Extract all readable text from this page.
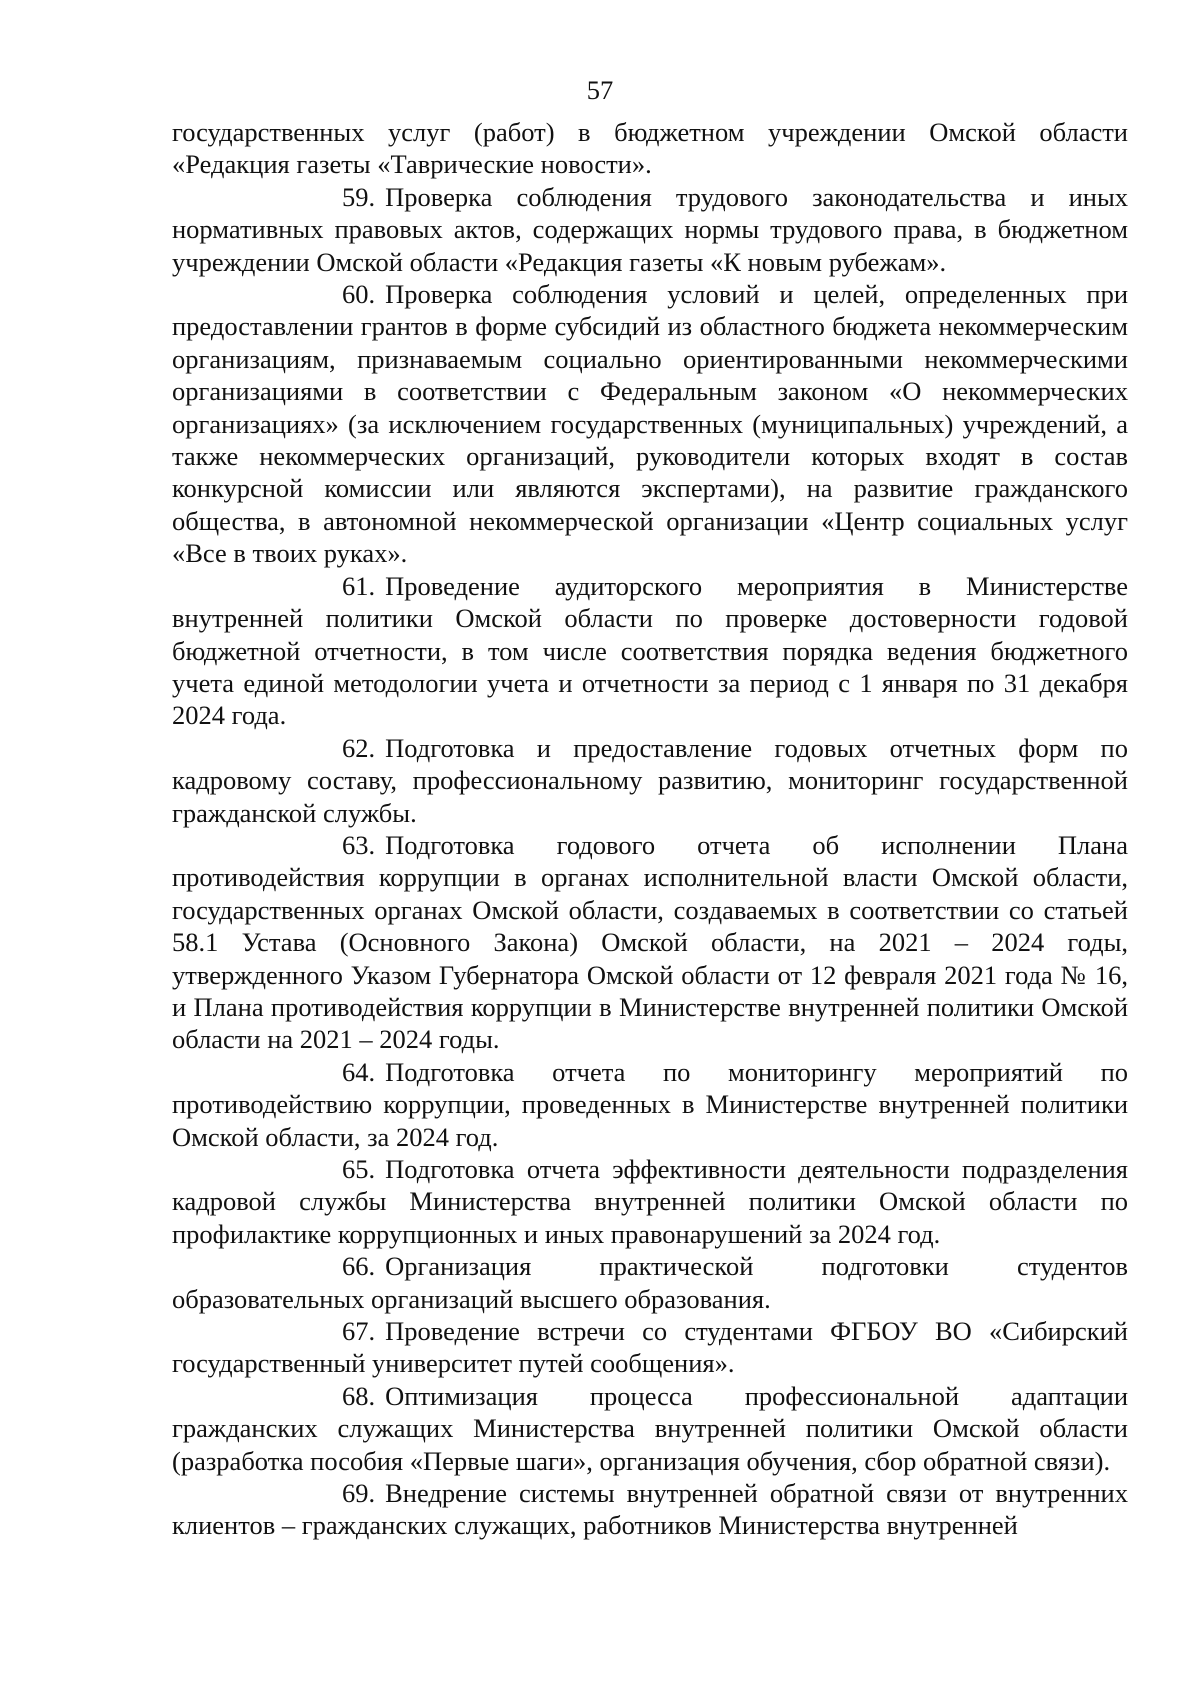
57

государственных услуг (работ) в бюджетном учреждении Омской области «Редакция газеты «Таврические новости».

59. Проверка соблюдения трудового законодательства и иных нормативных правовых актов, содержащих нормы трудового права, в бюджетном учреждении Омской области «Редакция газеты «К новым рубежам».

60. Проверка соблюдения условий и целей, определенных при предоставлении грантов в форме субсидий из областного бюджета некоммерческим организациям, признаваемым социально ориентированными некоммерческими организациями в соответствии с Федеральным законом «О некоммерческих организациях» (за исключением государственных (муниципальных) учреждений, а также некоммерческих организаций, руководители которых входят в состав конкурсной комиссии или являются экспертами), на развитие гражданского общества, в автономной некоммерческой организации «Центр социальных услуг «Все в твоих руках».

61. Проведение аудиторского мероприятия в Министерстве внутренней политики Омской области по проверке достоверности годовой бюджетной отчетности, в том числе соответствия порядка ведения бюджетного учета единой методологии учета и отчетности за период с 1 января по 31 декабря 2024 года.

62. Подготовка и предоставление годовых отчетных форм по кадровому составу, профессиональному развитию, мониторинг государственной гражданской службы.

63. Подготовка годового отчета об исполнении Плана противодействия коррупции в органах исполнительной власти Омской области, государственных органах Омской области, создаваемых в соответствии со статьей 58.1 Устава (Основного Закона) Омской области, на 2021 – 2024 годы, утвержденного Указом Губернатора Омской области от 12 февраля 2021 года № 16, и Плана противодействия коррупции в Министерстве внутренней политики Омской области на 2021 – 2024 годы.

64. Подготовка отчета по мониторингу мероприятий по противодействию коррупции, проведенных в Министерстве внутренней политики Омской области, за 2024 год.

65. Подготовка отчета эффективности деятельности подразделения кадровой службы Министерства внутренней политики Омской области по профилактике коррупционных и иных правонарушений за 2024 год.

66. Организация практической подготовки студентов образовательных организаций высшего образования.

67. Проведение встречи со студентами ФГБОУ ВО «Сибирский государственный университет путей сообщения».

68. Оптимизация процесса профессиональной адаптации гражданских служащих Министерства внутренней политики Омской области (разработка пособия «Первые шаги», организация обучения, сбор обратной связи).

69. Внедрение системы внутренней обратной связи от внутренних клиентов – гражданских служащих, работников Министерства внутренней
